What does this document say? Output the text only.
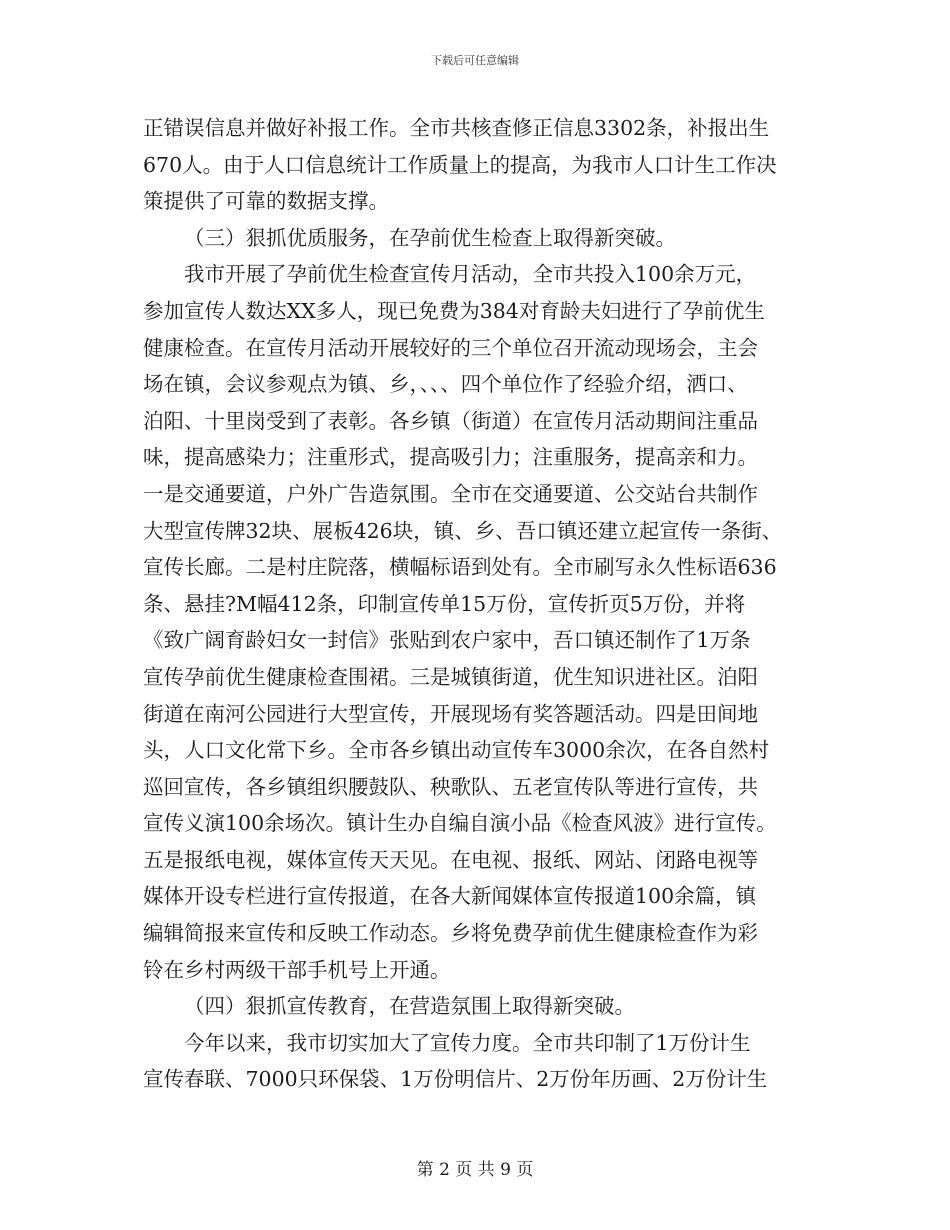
下载后可任意编辑
正错误信息并做好补报工作。全市共核查修正信息3302条，补报出生
670人。由于人口信息统计工作质量上的提高，为我市人口计生工作决
策提供了可靠的数据支撑。
（三）狠抓优质服务，在孕前优生检查上取得新突破。
我市开展了孕前优生检查宣传月活动，全市共投入100余万元，
参加宣传人数达XX多人，现已免费为384对育龄夫妇进行了孕前优生
健康检查。在宣传月活动开展较好的三个单位召开流动现场会，主会
场在镇，会议参观点为镇、乡，、、、四个单位作了经验介绍，洒口、
泊阳、十里岗受到了表彰。各乡镇（街道）在宣传月活动期间注重品
味，提高感染力；注重形式，提高吸引力；注重服务，提高亲和力。
一是交通要道，户外广告造氛围。全市在交通要道、公交站台共制作
大型宣传牌32块、展板426块，镇、乡、吾口镇还建立起宣传一条街、
宣传长廊。二是村庄院落，横幅标语到处有。全市刷写永久性标语636
条、悬挂?M幅412条，印制宣传单15万份，宣传折页5万份，并将
《致广阔育龄妇女一封信》张贴到农户家中，吾口镇还制作了1万条
宣传孕前优生健康检查围裙。三是城镇街道，优生知识进社区。泊阳
街道在南河公园进行大型宣传，开展现场有奖答题活动。四是田间地
头，人口文化常下乡。全市各乡镇出动宣传车3000余次，在各自然村
巡回宣传，各乡镇组织腰鼓队、秧歌队、五老宣传队等进行宣传，共
宣传义演100余场次。镇计生办自编自演小品《检查风波》进行宣传。
五是报纸电视，媒体宣传天天见。在电视、报纸、网站、闭路电视等
媒体开设专栏进行宣传报道，在各大新闻媒体宣传报道100余篇，镇
编辑简报来宣传和反映工作动态。乡将免费孕前优生健康检查作为彩
铃在乡村两级干部手机号上开通。
（四）狠抓宣传教育，在营造氛围上取得新突破。
今年以来，我市切实加大了宣传力度。全市共印制了1万份计生
宣传春联、7000只环保袋、1万份明信片、2万份年历画、2万份计生
第 2 页 共 9 页
